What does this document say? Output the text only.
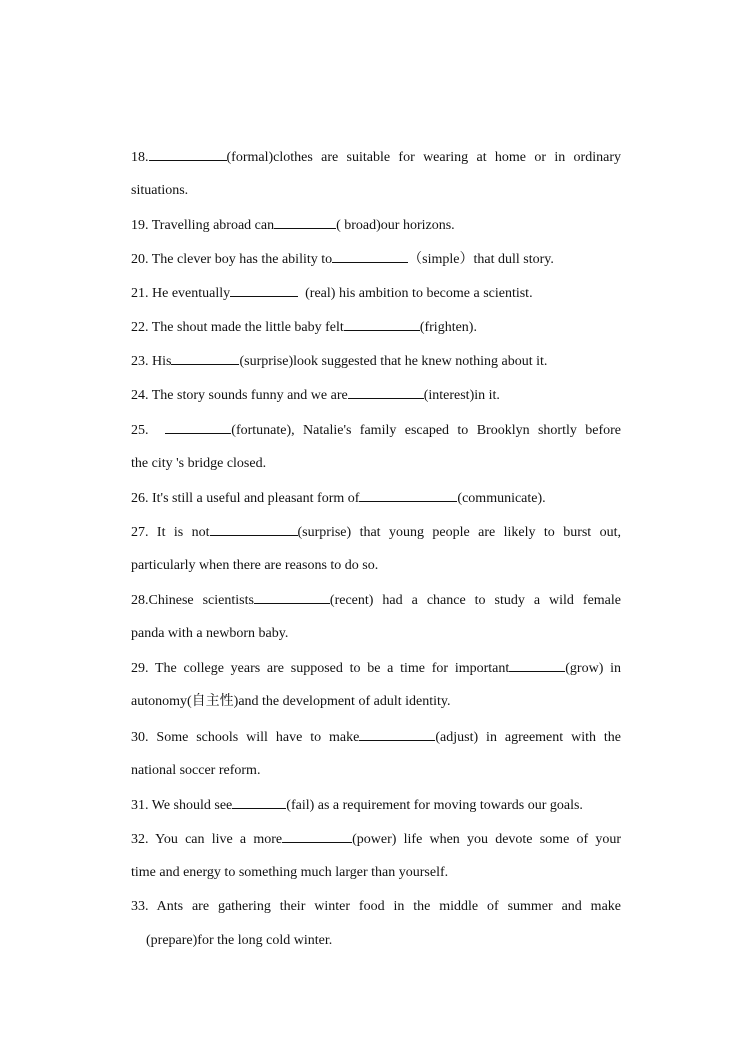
18.	(formal)clothes are suitable for wearing at home or in ordinary
situations.
19. Travelling abroad can	( broad)our horizons.
20. The clever boy has the ability to	（simple）that dull story.
21. He eventually	(real) his ambition to become a scientist.
22. The shout made the little baby felt	(frighten).
23. His	(surprise)look suggested that he knew nothing about it.
24. The story sounds funny and we are	(interest)in it.
25.	(fortunate), Natalie's family escaped to Brooklyn shortly before
the city 's bridge closed.
26. It's still a useful and pleasant form of	(communicate).
27. It is not	(surprise) that young people are likely to burst out,
particularly when there are reasons to do so.
28.Chinese scientists	(recent) had a chance to study a wild female
panda with a newborn baby.
29. The college years are supposed to be a time for important	(grow) in
autonomy(自主性)and the development of adult identity.
30. Some schools will have to make	(adjust) in agreement with the
national soccer reform.
31. We should see	(fail) as a requirement for moving towards our goals.
32. You can live a more	(power) life when you devote some of your
time and energy to something much larger than yourself.
33. Ants are gathering their winter food in the middle of summer and make
(prepare)for the long cold winter.
